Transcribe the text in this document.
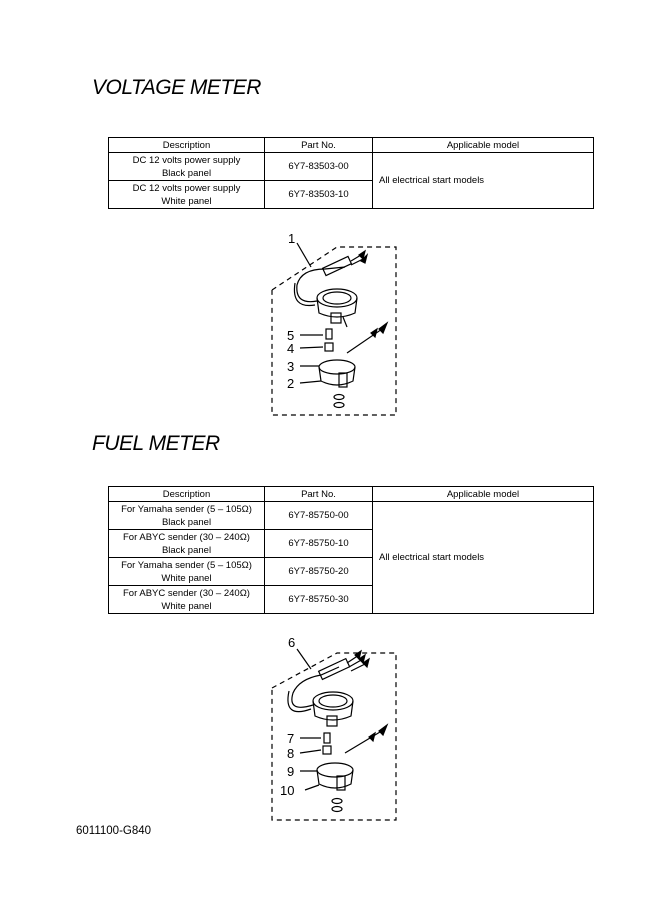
VOLTAGE METER
Description	Part No.	Applicable model

DC 12 volts power supply
Black panel	6Y7-83503-00	All electrical start models

DC 12 volts power supply
White panel	6Y7-83503-10	
1
5
4
3
2
FUEL METER
Description	Part No.	Applicable model

For Yamaha sender (5 – 105Ω)
Black panel	6Y7-85750-00	All electrical start models

For ABYC sender (30 – 240Ω)
Black panel	6Y7-85750-10	

For Yamaha sender (5 – 105Ω)
White panel	6Y7-85750-20	

For ABYC sender (30 – 240Ω)
White panel	6Y7-85750-30	
6
7
8
9
10
6011100-G840
